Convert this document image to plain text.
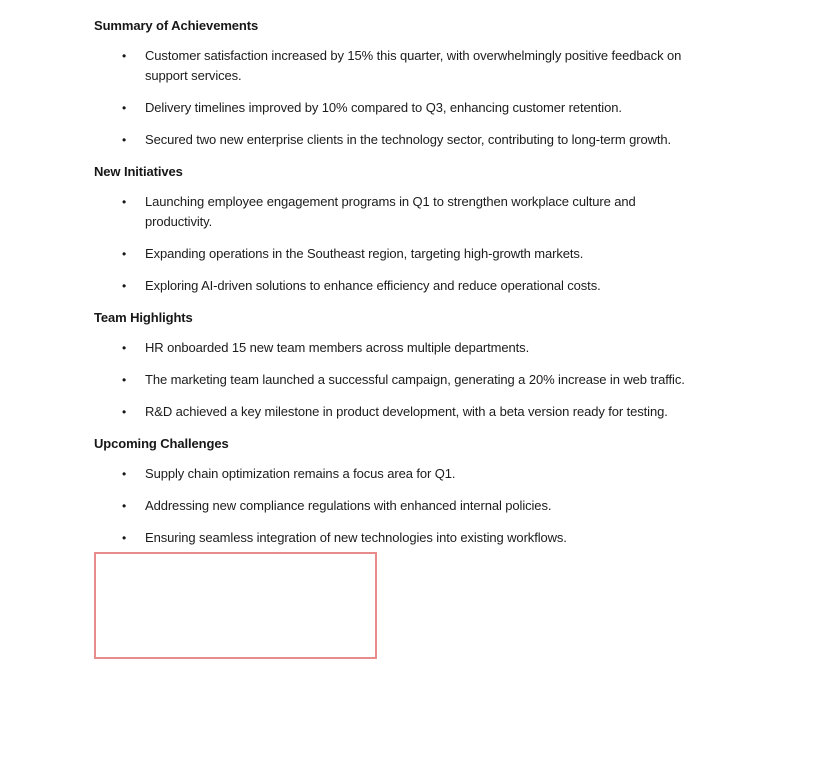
Summary of Achievements
•	Customer satisfaction increased by 15% this quarter, with overwhelmingly positive feedback on
support services.
•	Delivery timelines improved by 10% compared to Q3, enhancing customer retention.
•	Secured two new enterprise clients in the technology sector, contributing to long-term growth.
New Initiatives
•	Launching employee engagement programs in Q1 to strengthen workplace culture and
productivity.
•	Expanding operations in the Southeast region, targeting high-growth markets.
•	Exploring AI-driven solutions to enhance efficiency and reduce operational costs.
Team Highlights
•	HR onboarded 15 new team members across multiple departments.
•	The marketing team launched a successful campaign, generating a 20% increase in web traffic.
•	R&D achieved a key milestone in product development, with a beta version ready for testing.
Upcoming Challenges
•	Supply chain optimization remains a focus area for Q1.
•	Addressing new compliance regulations with enhanced internal policies.
•	Ensuring seamless integration of new technologies into existing workflows.
